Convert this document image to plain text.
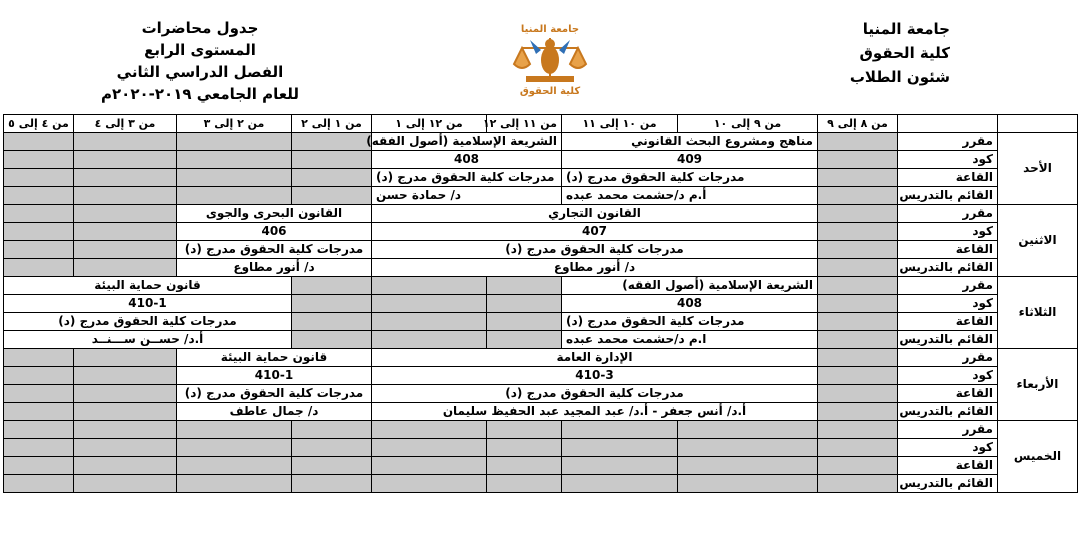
جامعة المنيا
كلية الحقوق
شئون الطلاب
جدول محاضرات
المستوى الرابع
الفصل الدراسي الثاني
للعام الجامعي ٢٠١٩-٢٠٢٠م
جامعة المنيا
كلية الحقوق
		من ٨ إلى ٩	من ٩ إلى ١٠	من ١٠ إلى ١١	من ١١ إلى ١٢	من ١٢ إلى ١	من ١ إلى ٢	من ٢ إلى ٣	من ٣ إلى ٤	من ٤ إلى ٥
الأحد	مقرر		مناهج ومشروع البحث القانوني		الشريعة الإسلامية (أصول الفقه)					
	كود		409		408					
	القاعة		مدرجات كلية الحقوق مدرج (د)		مدرجات كلية الحقوق مدرج (د)					
	القائم بالتدريس		أ.م د/حشمت محمد عبده		د/ حمادة حسن					
الاثنين	مقرر		القانون التجاري				القانون البحرى والجوى			
	كود		407				406			
	القاعة		مدرجات كلية الحقوق مدرج (د)				مدرجات كلية الحقوق مدرج (د)			
	القائم بالتدريس		د/ أنور مطاوع				د/ أنور مطاوع			
الثلاثاء	مقرر		الشريعة الإسلامية (أصول الفقه)					قانون حماية البيئة		
	كود		408					410-1		
	القاعة		مدرجات كلية الحقوق مدرج (د)					مدرجات كلية الحقوق مدرج (د)		
	القائم بالتدريس		ا.م د/حشمت محمد عبده					أ.د/ حســن ســـنــد		
الأربعاء	مقرر		الإدارة العامة				قانون حماية البيئة			
	كود		410-3				410-1			
	القاعة		مدرجات كلية الحقوق مدرج (د)				مدرجات كلية الحقوق مدرج (د)			
	القائم بالتدريس		أ.د/ أنس جعفر - أ.د/ عبد المجيد عبد الحفيظ سليمان				د/ جمال عاطف			
الخميس	مقرر									
	كود									
	القاعة									
	القائم بالتدريس									
